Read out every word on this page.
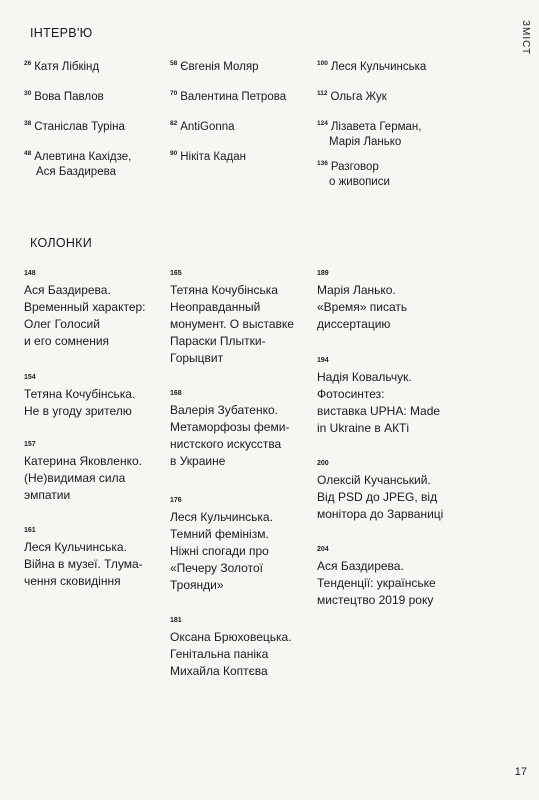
ЗМІСТ
ІНТЕРВ'Ю
КОЛОНКИ
17
$^{26}$ Катя Лібкінд
$^{30}$ Вова Павлов
$^{38}$ Станіслав Туріна
$^{48}$ Алевтина Кахідзе,
Ася Баздирева
$^{58}$ Євгенія Моляр
$^{70}$ Валентина Петрова
$^{82}$ AntiGonna
$^{90}$ Нікіта Кадан
$^{100}$ Леся Кульчинська
$^{112}$ Ольга Жук
$^{124}$ Лізавета Герман,
Марія Ланько
$^{136}$ Разговор
о живописи
148
Ася Баздирева.
Временный характер:
Олег Голосий
и его сомнения
154
Тетяна Кочубінська.
Не в угоду зрителю
157
Катерина Яковленко.
(Не)видимая сила
эмпатии
161
Леся Кульчинська.
Війна в музеї. Тлума-
чення сковидіння
165
Тетяна Кочубінська
Неоправданный
монумент. О выставке
Параски Плытки-
Горыцвит
168
Валерія Зубатенко.
Метаморфозы феми-
нистского искусства
в Украине
176
Леся Кульчинська.
Темний фемінізм.
Ніжні спогади про
«Печеру Золотої
Троянди»
181
Оксана Брюховецька.
Генітальна паніка
Михайла Коптєва
189
Марія Ланько.
«Время» писать
диссертацию
194
Надія Ковальчук.
Фотосинтез:
виставка UPHA: Made
in Ukraine в АКТі
200
Олексій Кучанський.
Від PSD до JPEG, від
монітора до Зарваниці
204
Ася Баздирева.
Тенденції: українське
мистецтво 2019 року
